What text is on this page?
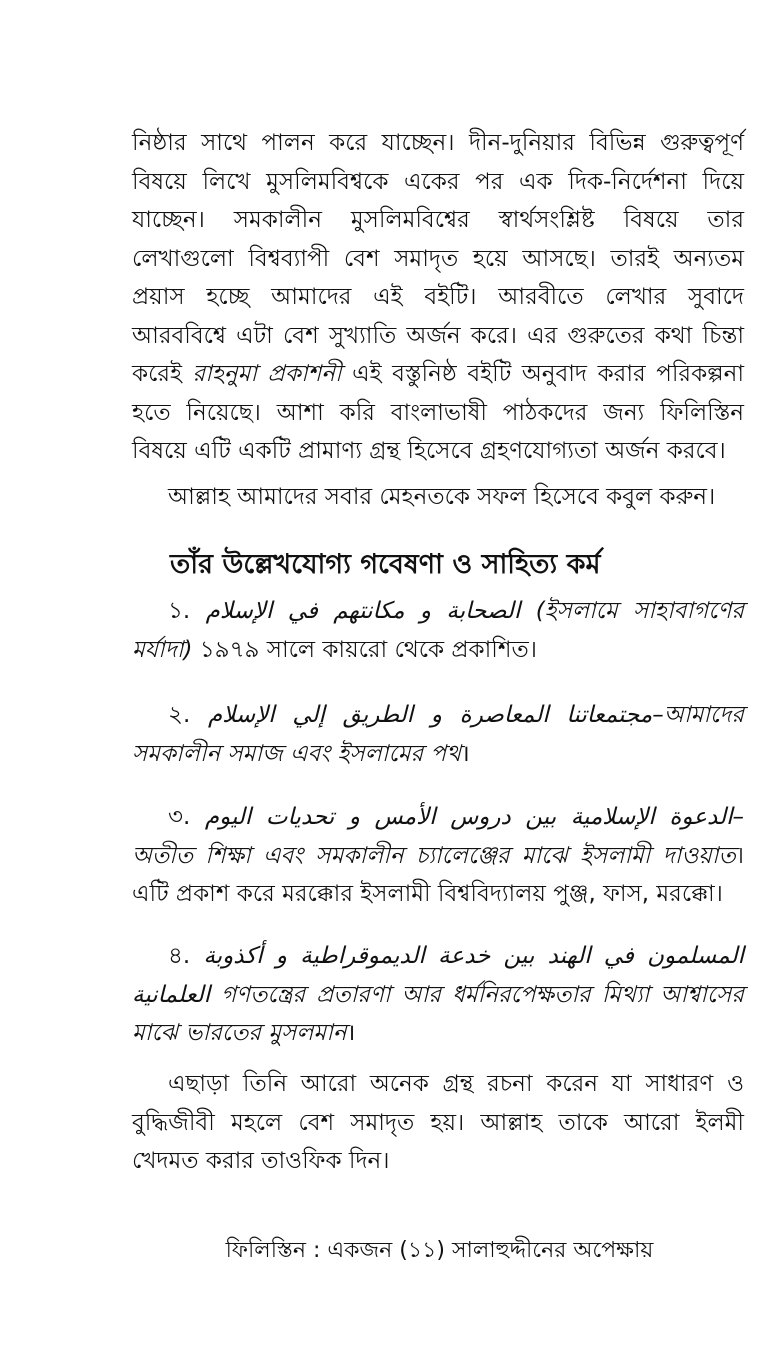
নিষ্ঠার সাথে পালন করে যাচ্ছেন। দীন-দুনিয়ার বিভিন্ন গুরুত্বপূর্ণ বিষয়ে লিখে মুসলিমবিশ্বকে একের পর এক দিক-নির্দেশনা দিয়ে যাচ্ছেন। সমকালীন মুসলিমবিশ্বের স্বার্থসংশ্লিষ্ট বিষয়ে তার লেখাগুলো বিশ্বব্যাপী বেশ সমাদৃত হয়ে আসছে। তারই অন্যতম প্রয়াস হচ্ছে আমাদের এই বইটি। আরবীতে লেখার সুবাদে আরববিশ্বে এটা বেশ সুখ্যাতি অর্জন করে। এর গুরুতের কথা চিন্তা করেই রাহনুমা প্রকাশনী এই বস্তুনিষ্ঠ বইটি অনুবাদ করার পরিকল্পনা হতে নিয়েছে। আশা করি বাংলাভাষী পাঠকদের জন্য ফিলিস্তিন বিষয়ে এটি একটি প্রামাণ্য গ্রন্থ হিসেবে গ্রহণযোগ্যতা অর্জন করবে।

আল্লাহ আমাদের সবার মেহনতকে সফল হিসেবে কবুল করুন।

১. الصحابة و مكانتهم في الإسلام (ইসলামে সাহাবাগণের মর্যাদা) ১৯৭৯ সালে কায়রো থেকে প্রকাশিত।

২. مجتمعاتنا المعاصرة و الطريق إلي الإسلام–আমাদের সমকালীন সমাজ এবং ইসলামের পথ।

৩. الدعوة الإسلامية بين دروس الأمس و تحديات اليوم– অতীত শিক্ষা এবং সমকালীন চ্যালেঞ্জের মাঝে ইসলামী দাওয়াত। এটি প্রকাশ করে মরক্কোর ইসলামী বিশ্ববিদ্যালয় পুঞ্জ, ফাস, মরক্কো।

৪. المسلمون في الهند بين خدعة الديموقراطية و أكذوبة العلمانية গণতন্ত্রের প্রতারণা আর ধর্মনিরপেক্ষতার মিথ্যা আশ্বাসের মাঝে ভারতের মুসলমান।

এছাড়া তিনি আরো অনেক গ্রন্থ রচনা করেন যা সাধারণ ও বুদ্ধিজীবী মহলে বেশ সমাদৃত হয়। আল্লাহ তাকে আরো ইলমী খেদমত করার তাওফিক দিন।

তাঁর উল্লেখযোগ্য গবেষণা ও সাহিত্য কর্ম
ফিলিস্তিন : একজন (১১) সালাহুদ্দীনের অপেক্ষায়
